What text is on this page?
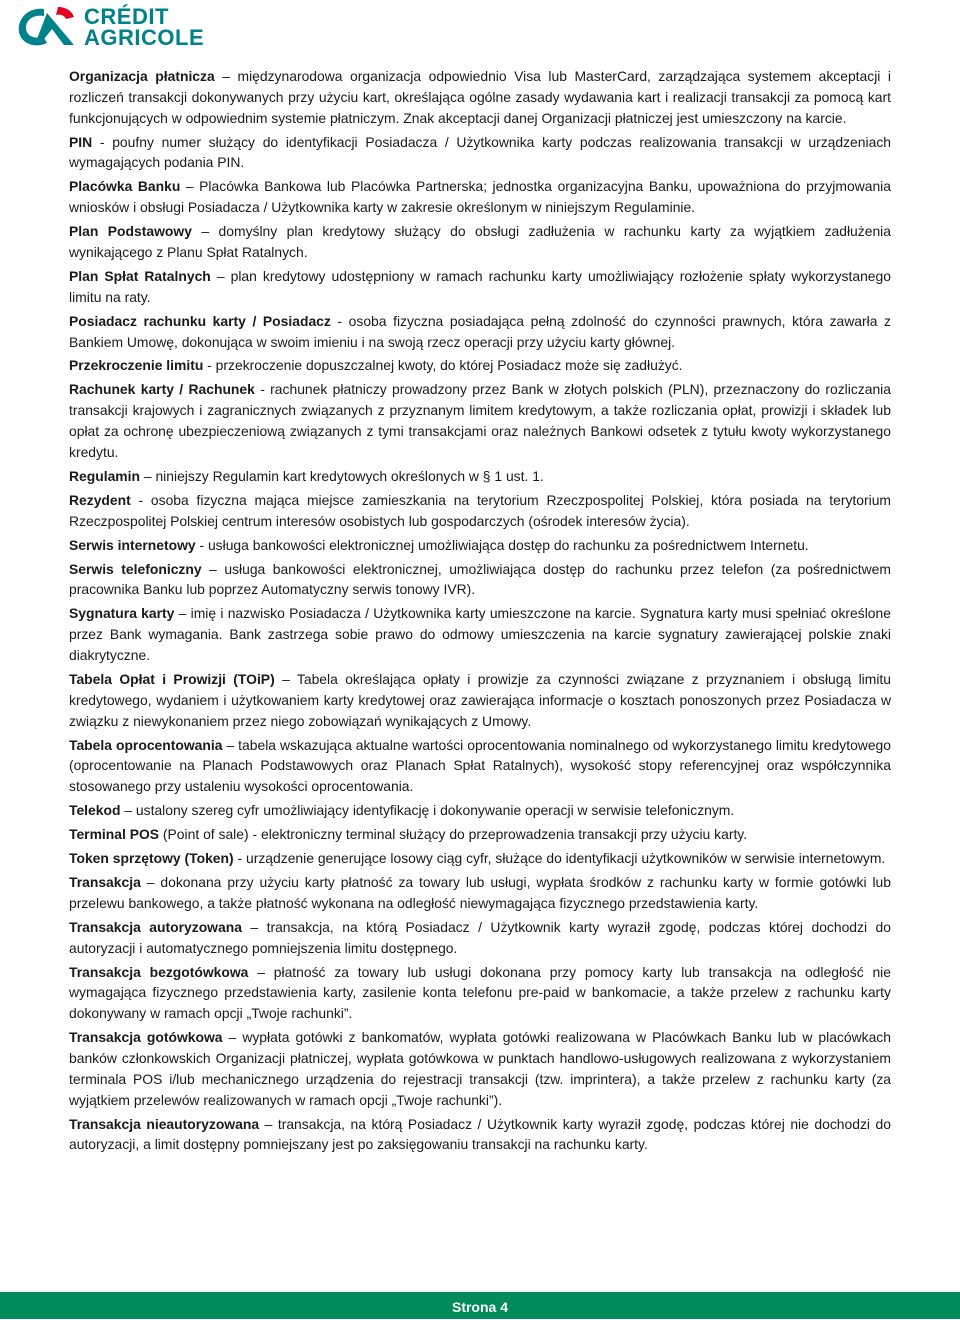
CRÉDIT
AGRICOLE

Organizacja płatnicza – międzynarodowa organizacja odpowiednio Visa lub MasterCard, zarządzająca systemem akceptacji i rozliczeń transakcji dokonywanych przy użyciu kart, określająca ogólne zasady wydawania kart i realizacji transakcji za pomocą kart funkcjonujących w odpowiednim systemie płatniczym. Znak akceptacji danej Organizacji płatniczej jest umieszczony na karcie.

PIN - poufny numer służący do identyfikacji Posiadacza / Użytkownika karty podczas realizowania transakcji w urządzeniach wymagających podania PIN.

Placówka Banku – Placówka Bankowa lub Placówka Partnerska; jednostka organizacyjna Banku, upoważniona do przyjmowania wniosków i obsługi Posiadacza / Użytkownika karty w zakresie określonym w niniejszym Regulaminie.

Plan Podstawowy – domyślny plan kredytowy służący do obsługi zadłużenia w rachunku karty za wyjątkiem zadłużenia wynikającego z Planu Spłat Ratalnych.

Plan Spłat Ratalnych – plan kredytowy udostępniony w ramach rachunku karty umożliwiający rozłożenie spłaty wykorzystanego limitu na raty.

Posiadacz rachunku karty / Posiadacz - osoba fizyczna posiadająca pełną zdolność do czynności prawnych, która zawarła z Bankiem Umowę, dokonująca w swoim imieniu i na swoją rzecz operacji przy użyciu karty głównej.

Przekroczenie limitu - przekroczenie dopuszczalnej kwoty, do której Posiadacz może się zadłużyć.

Rachunek karty / Rachunek - rachunek płatniczy prowadzony przez Bank w złotych polskich (PLN), przeznaczony do rozliczania transakcji krajowych i zagranicznych związanych z przyznanym limitem kredytowym, a także rozliczania opłat, prowizji i składek lub opłat za ochronę ubezpieczeniową związanych z tymi transakcjami oraz należnych Bankowi odsetek z tytułu kwoty wykorzystanego kredytu.

Regulamin – niniejszy Regulamin kart kredytowych określonych w § 1 ust. 1.

Rezydent - osoba fizyczna mająca miejsce zamieszkania na terytorium Rzeczpospolitej Polskiej, która posiada na terytorium Rzeczpospolitej Polskiej centrum interesów osobistych lub gospodarczych (ośrodek interesów życia).

Serwis internetowy - usługa bankowości elektronicznej umożliwiająca dostęp do rachunku za pośrednictwem Internetu.

Serwis telefoniczny – usługa bankowości elektronicznej, umożliwiająca dostęp do rachunku przez telefon (za pośrednictwem pracownika Banku lub poprzez Automatyczny serwis tonowy IVR).

Sygnatura karty – imię i nazwisko Posiadacza / Użytkownika karty umieszczone na karcie. Sygnatura karty musi spełniać określone przez Bank wymagania. Bank zastrzega sobie prawo do odmowy umieszczenia na karcie sygnatury zawierającej polskie znaki diakrytyczne.

Tabela Opłat i Prowizji (TOiP) – Tabela określająca opłaty i prowizje za czynności związane z przyznaniem i obsługą limitu kredytowego, wydaniem i użytkowaniem karty kredytowej oraz zawierająca informacje o kosztach ponoszonych przez Posiadacza w związku z niewykonaniem przez niego zobowiązań wynikających z Umowy.

Tabela oprocentowania – tabela wskazująca aktualne wartości oprocentowania nominalnego od wykorzystanego limitu kredytowego (oprocentowanie na Planach Podstawowych oraz Planach Spłat Ratalnych), wysokość stopy referencyjnej oraz współczynnika stosowanego przy ustaleniu wysokości oprocentowania.

Telekod – ustalony szereg cyfr umożliwiający identyfikację i dokonywanie operacji w serwisie telefonicznym.

Terminal POS (Point of sale) - elektroniczny terminal służący do przeprowadzenia transakcji przy użyciu karty.

Token sprzętowy (Token) - urządzenie generujące losowy ciąg cyfr, służące do identyfikacji użytkowników w serwisie internetowym.

Transakcja – dokonana przy użyciu karty płatność za towary lub usługi, wypłata środków z rachunku karty w formie gotówki lub przelewu bankowego, a także płatność wykonana na odległość niewymagająca fizycznego przedstawienia karty.

Transakcja autoryzowana – transakcja, na którą Posiadacz / Użytkownik karty wyraził zgodę, podczas której dochodzi do autoryzacji i automatycznego pomniejszenia limitu dostępnego.

Transakcja bezgotówkowa – płatność za towary lub usługi dokonana przy pomocy karty lub transakcja na odległość nie wymagająca fizycznego przedstawienia karty, zasilenie konta telefonu pre-paid w bankomacie, a także przelew z rachunku karty dokonywany w ramach opcji „Twoje rachunki”.

Transakcja gotówkowa – wypłata gotówki z bankomatów, wypłata gotówki realizowana w Placówkach Banku lub w placówkach banków członkowskich Organizacji płatniczej, wypłata gotówkowa w punktach handlowo-usługowych realizowana z wykorzystaniem terminala POS i/lub mechanicznego urządzenia do rejestracji transakcji (tzw. imprintera), a także przelew z rachunku karty (za wyjątkiem przelewów realizowanych w ramach opcji „Twoje rachunki”).

Transakcja nieautoryzowana – transakcja, na którą Posiadacz / Użytkownik karty wyraził zgodę, podczas której nie dochodzi do autoryzacji, a limit dostępny pomniejszany jest po zaksięgowaniu transakcji na rachunku karty.

Strona 4
